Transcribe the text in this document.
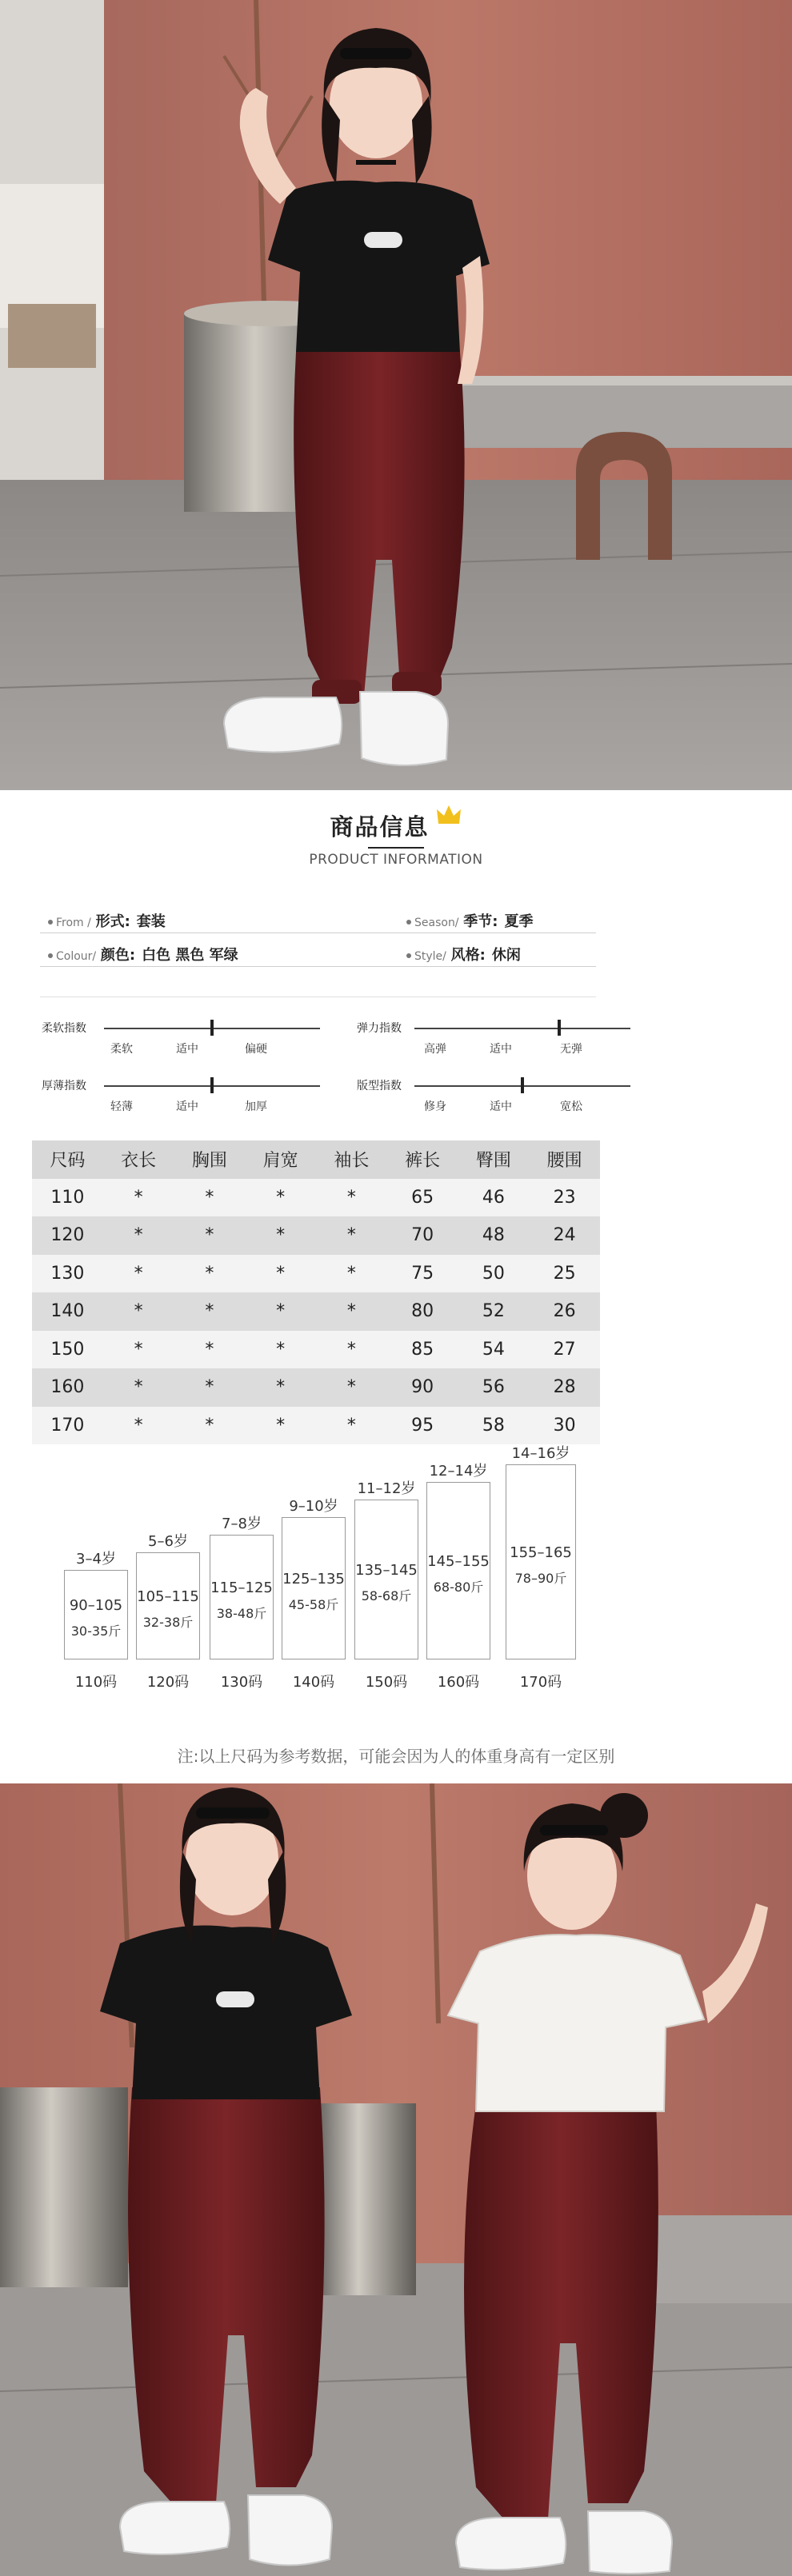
商品信息
PRODUCT INFORMATION
From / 形式: 套装	Season/ 季节: 夏季
Colour/ 颜色: 白色 黑色 军绿	Style/ 风格: 休闲
柔软指数
柔软	适中	偏硬
弹力指数
高弹	适中	无弹
厚薄指数
轻薄	适中	加厚
版型指数
修身	适中	宽松
尺码	衣长	胸围	肩宽	袖长	裤长	臀围	腰围
110	*	*	*	*	65	46	23
120	*	*	*	*	70	48	24
130	*	*	*	*	75	50	25
140	*	*	*	*	80	52	26
150	*	*	*	*	85	54	27
160	*	*	*	*	90	56	28
170	*	*	*	*	95	58	30
3–4岁
90–105
30-35斤
110码
5–6岁
105–115
32-38斤
120码
7–8岁
115–125
38-48斤
130码
9–10岁
125–135
45-58斤
140码
11–12岁
135–145
58-68斤
150码
12–14岁
145–155
68-80斤
160码
14–16岁
155–165
78–90斤
170码
注:以上尺码为参考数据，可能会因为人的体重身高有一定区别
